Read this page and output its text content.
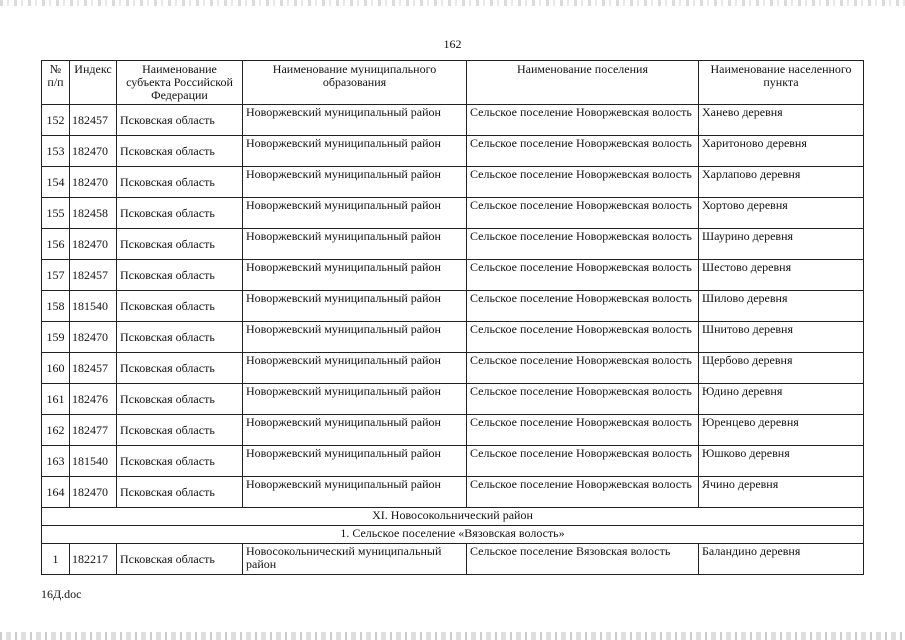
162
№ п/п	Индекс	Наименование субъекта Российской Федерации	Наименование муниципального образования	Наименование поселения	Наименование населенного пункта
152	182457	Псковская область	Новоржевский муниципальный район	Сельское поселение Новоржевская волость	Ханево деревня
153	182470	Псковская область	Новоржевский муниципальный район	Сельское поселение Новоржевская волость	Харитоново деревня
154	182470	Псковская область	Новоржевский муниципальный район	Сельское поселение Новоржевская волость	Харлапово деревня
155	182458	Псковская область	Новоржевский муниципальный район	Сельское поселение Новоржевская волость	Хортово деревня
156	182470	Псковская область	Новоржевский муниципальный район	Сельское поселение Новоржевская волость	Шаурино деревня
157	182457	Псковская область	Новоржевский муниципальный район	Сельское поселение Новоржевская волость	Шестово деревня
158	181540	Псковская область	Новоржевский муниципальный район	Сельское поселение Новоржевская волость	Шилово деревня
159	182470	Псковская область	Новоржевский муниципальный район	Сельское поселение Новоржевская волость	Шнитово деревня
160	182457	Псковская область	Новоржевский муниципальный район	Сельское поселение Новоржевская волость	Щербово деревня
161	182476	Псковская область	Новоржевский муниципальный район	Сельское поселение Новоржевская волость	Юдино деревня
162	182477	Псковская область	Новоржевский муниципальный район	Сельское поселение Новоржевская волость	Юренцево деревня
163	181540	Псковская область	Новоржевский муниципальный район	Сельское поселение Новоржевская волость	Юшково деревня
164	182470	Псковская область	Новоржевский муниципальный район	Сельское поселение Новоржевская волость	Ячино деревня
XI. Новосокольнический район					
1. Сельское поселение «Вязовская волость»					
1	182217	Псковская область	Новосокольнический муниципальный район	Сельское поселение Вязовская волость	Баландино деревня
16Д.doc
